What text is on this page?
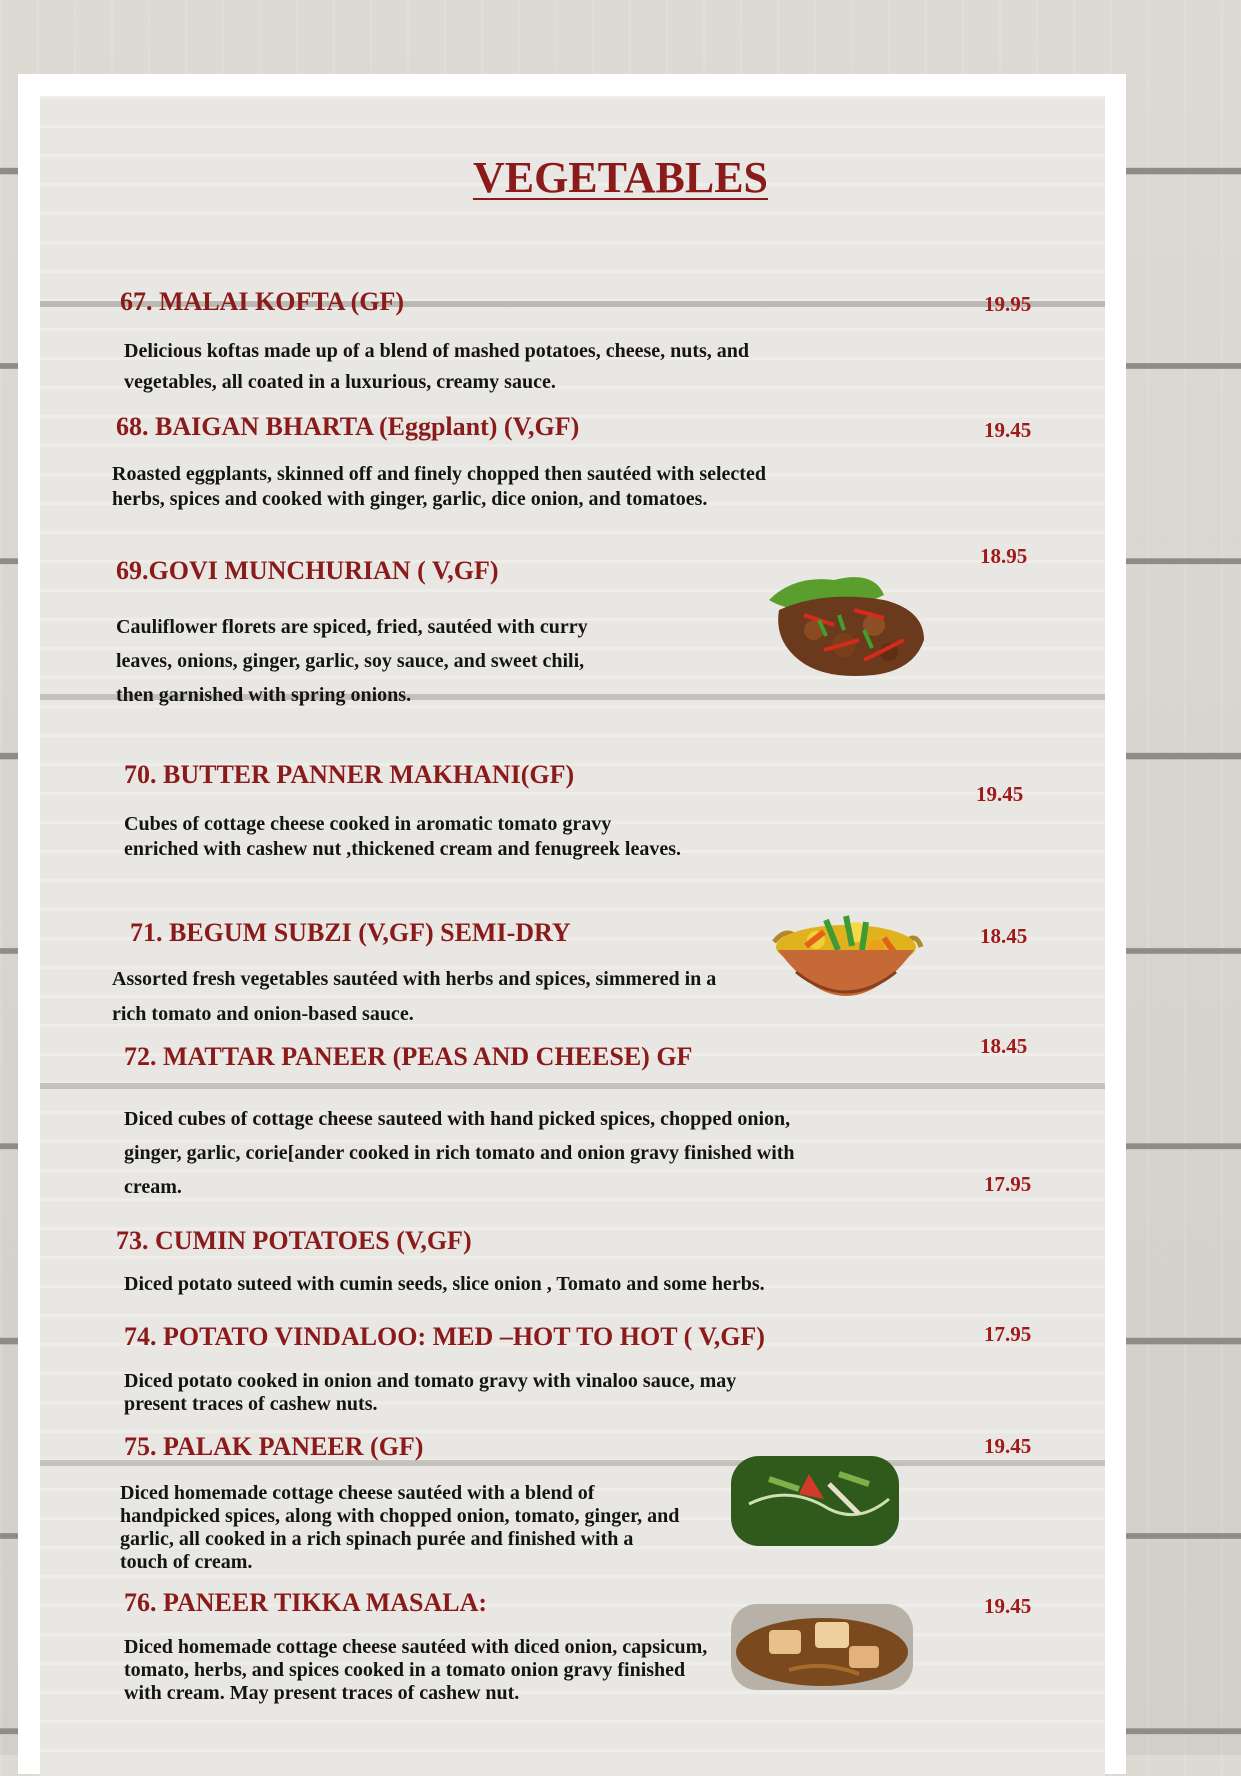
VEGETABLES
67. MALAI KOFTA (GF)	19.95

Delicious koftas made up of a blend of mashed potatoes, cheese, nuts, and vegetables, all coated in a luxurious, creamy sauce.

68. BAIGAN BHARTA (Eggplant) (V,GF)	19.45

Roasted eggplants, skinned off and finely chopped then sautéed with selected herbs, spices and cooked with ginger, garlic, dice onion, and tomatoes.

69.GOVI MUNCHURIAN ( V,GF)	18.95

Cauliflower florets are spiced, fried, sautéed with curry leaves, onions, ginger, garlic, soy sauce, and sweet chili, then garnished with spring onions.

70. BUTTER PANNER MAKHANI(GF)
19.45

Cubes of cottage cheese cooked in aromatic tomato gravy enriched with cashew nut ,thickened cream and fenugreek leaves.

71. BEGUM SUBZI (V,GF) SEMI-DRY	18.45

Assorted fresh vegetables sautéed with herbs and spices, simmered in a rich tomato and onion-based sauce.

72. MATTAR PANEER (PEAS AND CHEESE) GF	18.45

Diced cubes of cottage cheese sauteed with hand picked spices, chopped onion, ginger, garlic, corie[ander cooked in rich tomato and onion gravy finished with cream.	17.95
73. CUMIN POTATOES (V,GF)

Diced potato suteed with cumin seeds, slice onion , Tomato and some herbs.

74. POTATO VINDALOO: MED –HOT TO HOT ( V,GF)	17.95

Diced potato cooked in onion and tomato gravy with vinaloo sauce, may present traces of cashew nuts.

75. PALAK PANEER (GF)	19.45

Diced homemade cottage cheese sautéed with a blend of handpicked spices, along with chopped onion, tomato, ginger, and garlic, all cooked in a rich spinach purée and finished with a touch of cream.

76. PANEER TIKKA MASALA:	19.45

Diced homemade cottage cheese sautéed with diced onion, capsicum, tomato, herbs, and spices cooked in a tomato onion gravy finished with cream. May present traces of cashew nut.
